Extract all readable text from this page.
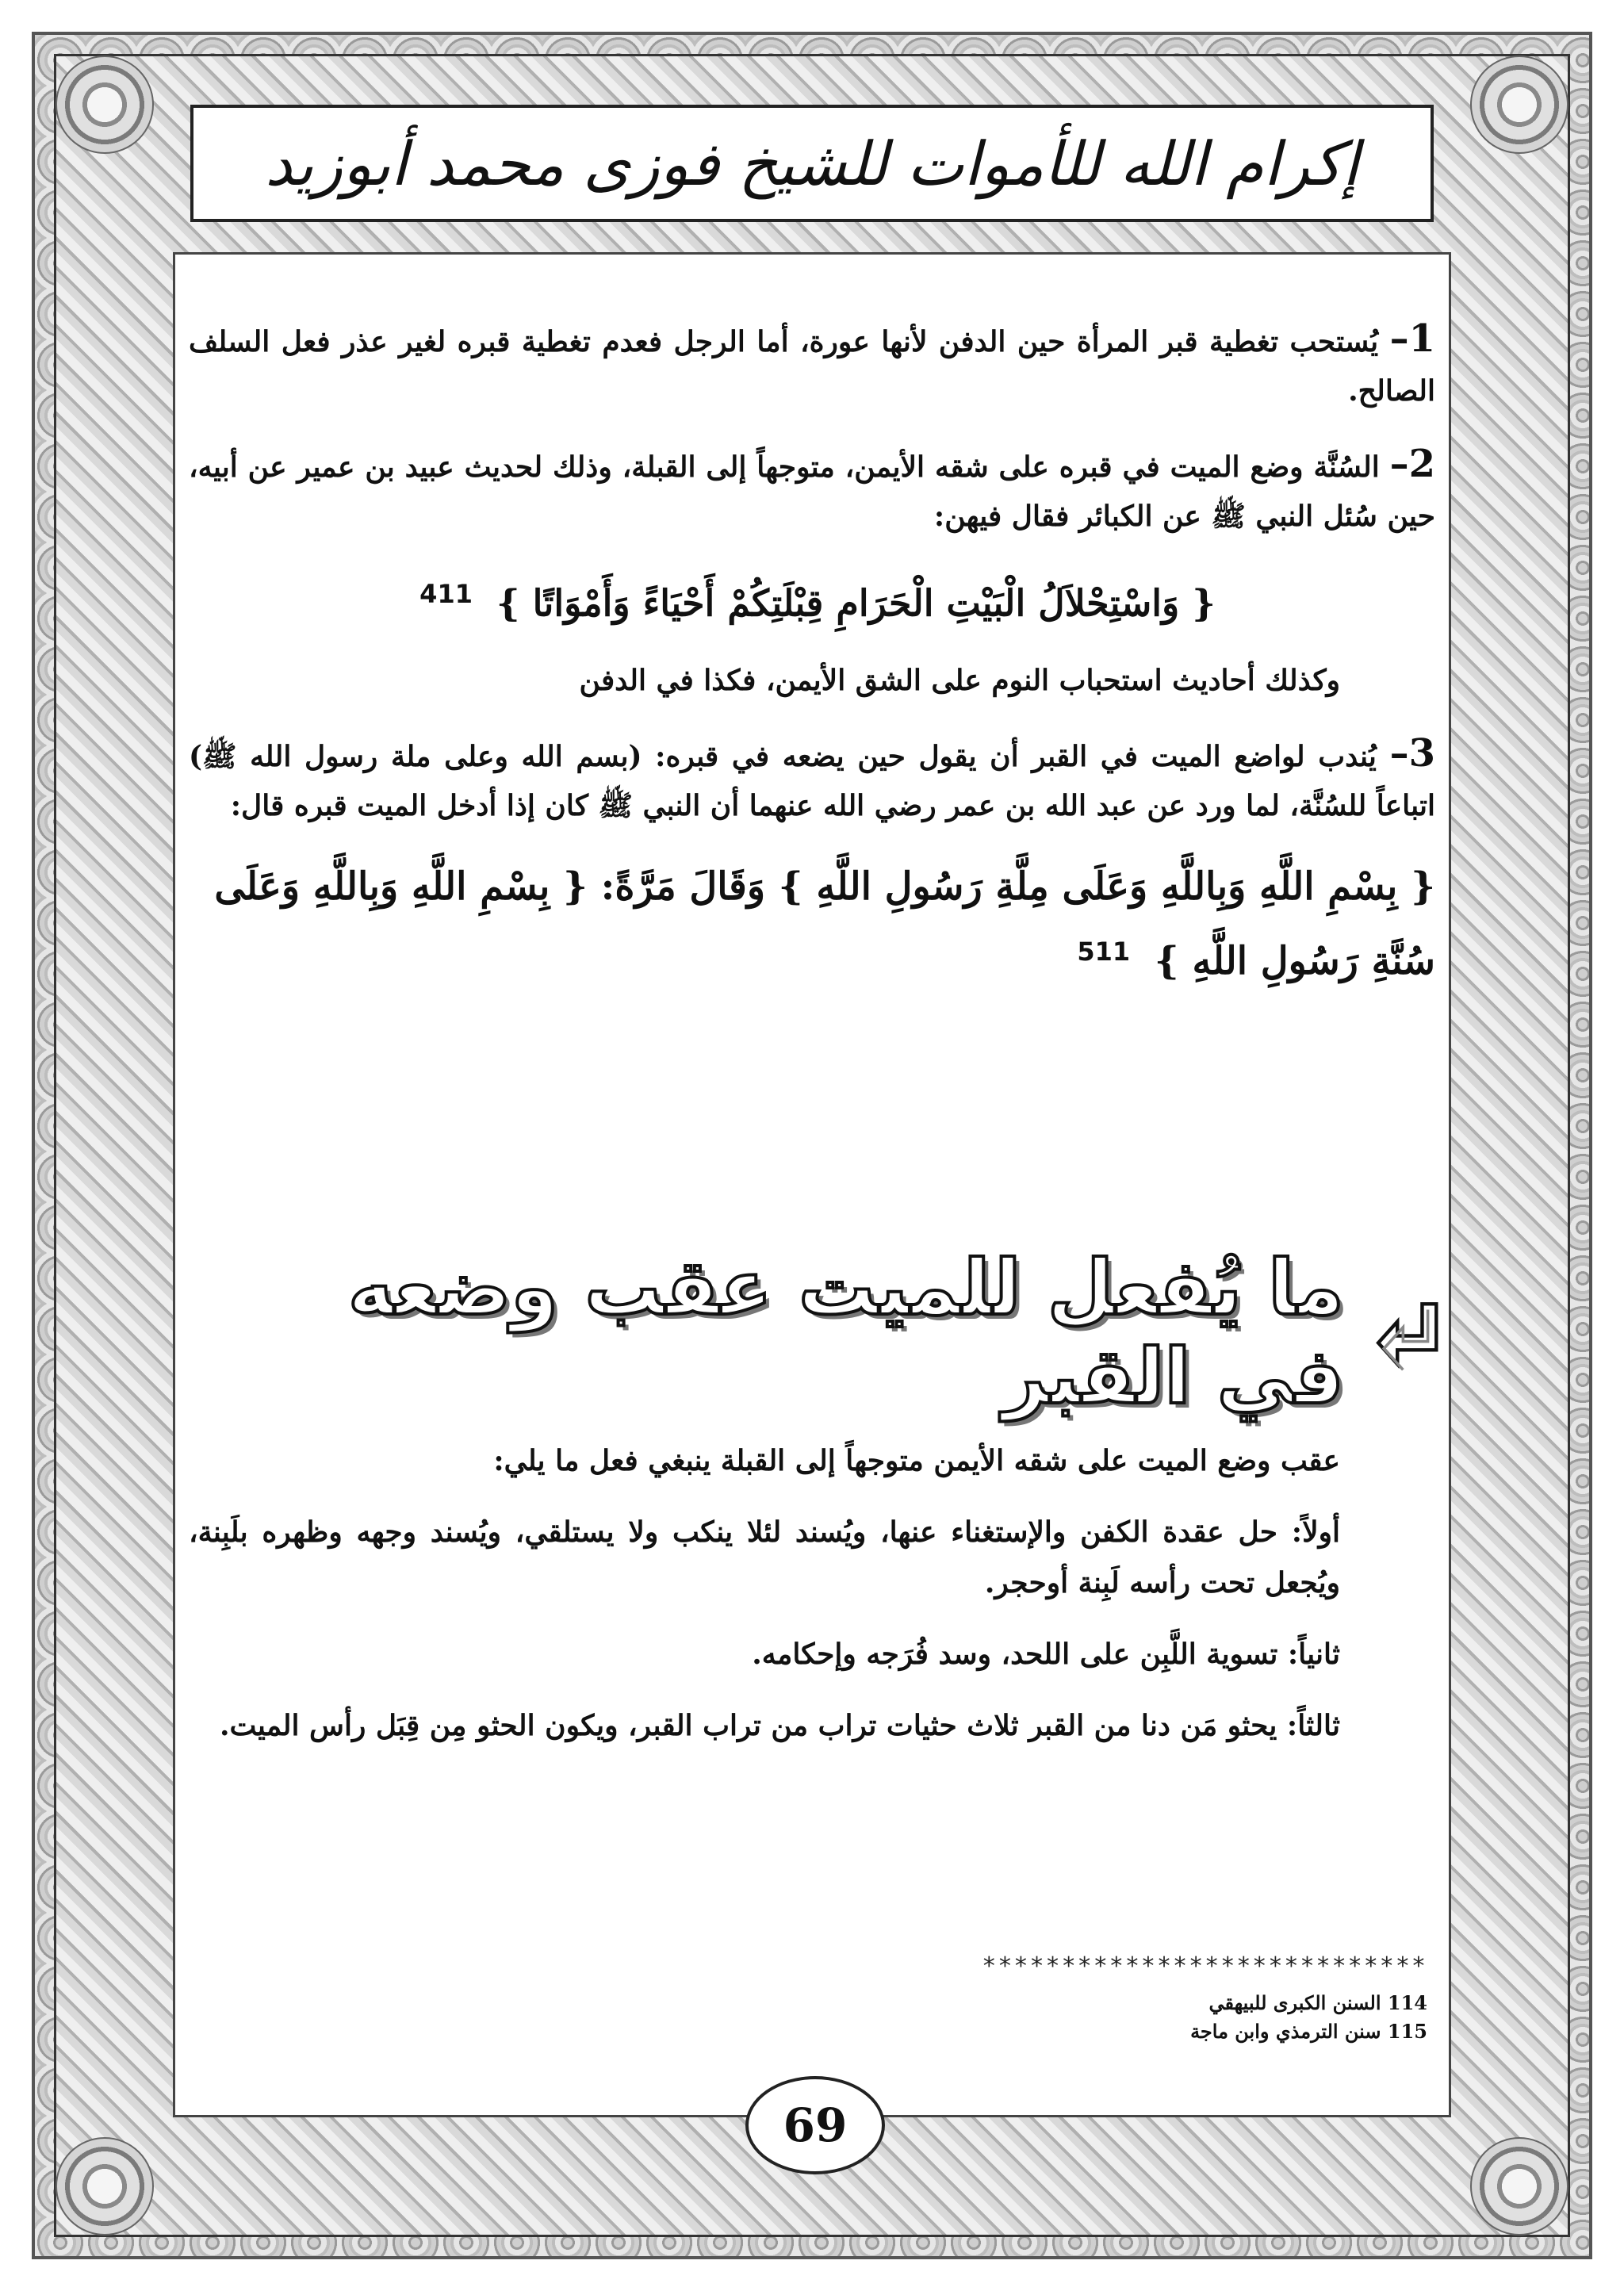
إكرام الله للأموات للشيخ فوزى محمد أبوزيد

1– يُستحب تغطية قبر المرأة حين الدفن لأنها عورة، أما الرجل فعدم تغطية قبره لغير عذر فعل السلف الصالح.

2– السُنَّة وضع الميت في قبره على شقه الأيمن، متوجهاً إلى القبلة، وذلك لحديث عبيد بن عمير عن أبيه، حين سُئل النبي ﷺ عن الكبائر فقال فيهن:

{ وَاسْتِحْلاَلُ الْبَيْتِ الْحَرَامِ قِبْلَتِكُمْ أَحْيَاءً وَأَمْوَاتًا } $^{411}$

وكذلك أحاديث استحباب النوم على الشق الأيمن، فكذا في الدفن

3– يُندب لواضع الميت في القبر أن يقول حين يضعه في قبره: (بسم الله وعلى ملة رسول الله ﷺ) اتباعاً للسُنَّة، لما ورد عن عبد الله بن عمر رضي الله عنهما أن النبي ﷺ كان إذا أدخل الميت قبره قال:

{ بِسْمِ اللَّهِ وَبِاللَّهِ وَعَلَى مِلَّةِ رَسُولِ اللَّهِ } وَقَالَ مَرَّةً: { بِسْمِ اللَّهِ وَبِاللَّهِ وَعَلَى سُنَّةِ رَسُولِ اللَّهِ } $^{511}$
ما يُفعل للميت عقب وضعه في القبر

عقب وضع الميت على شقه الأيمن متوجهاً إلى القبلة ينبغي فعل ما يلي:

أولاً: حل عقدة الكفن والإستغناء عنها، ويُسند لئلا ينكب ولا يستلقي، ويُسند وجهه وظهره بلَبِنة، ويُجعل تحت رأسه لَبِنة أوحجر.

ثانياً: تسوية اللَّبِن على اللحد، وسد فُرَجه وإحكامه.

ثالثاً: يحثو مَن دنا من القبر ثلاث حثيات تراب من تراب القبر، ويكون الحثو مِن قِبَل رأس الميت.

****************************
114 السنن الكبرى للبيهقي
115 سنن الترمذي وابن ماجة
69
